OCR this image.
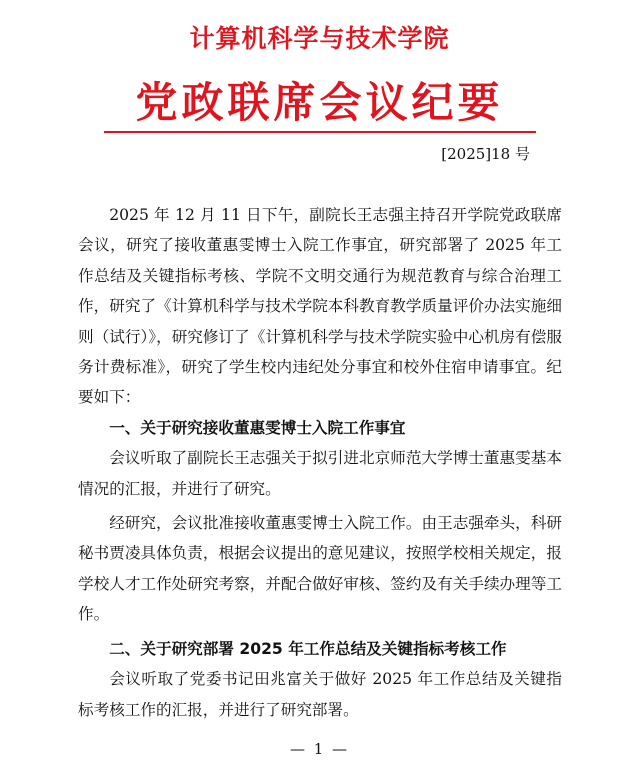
计算机科学与技术学院
党政联席会议纪要
[2025]18 号

2025 年 12 月 11 日下午，副院长王志强主持召开学院党政联席会议，研究了接收董惠雯博士入院工作事宜，研究部署了 2025 年工作总结及关键指标考核、学院不文明交通行为规范教育与综合治理工作，研究了《计算机科学与技术学院本科教育教学质量评价办法实施细则（试行）》，研究修订了《计算机科学与技术学院实验中心机房有偿服务计费标准》，研究了学生校内违纪处分事宜和校外住宿申请事宜。纪要如下：

一、关于研究接收董惠雯博士入院工作事宜

会议听取了副院长王志强关于拟引进北京师范大学博士董惠雯基本情况的汇报，并进行了研究。

经研究，会议批准接收董惠雯博士入院工作。由王志强牵头，科研秘书贾凌具体负责，根据会议提出的意见建议，按照学校相关规定，报学校人才工作处研究考察，并配合做好审核、签约及有关手续办理等工作。

二、关于研究部署 2025 年工作总结及关键指标考核工作

会议听取了党委书记田兆富关于做好 2025 年工作总结及关键指标考核工作的汇报，并进行了研究部署。

— 1 —
